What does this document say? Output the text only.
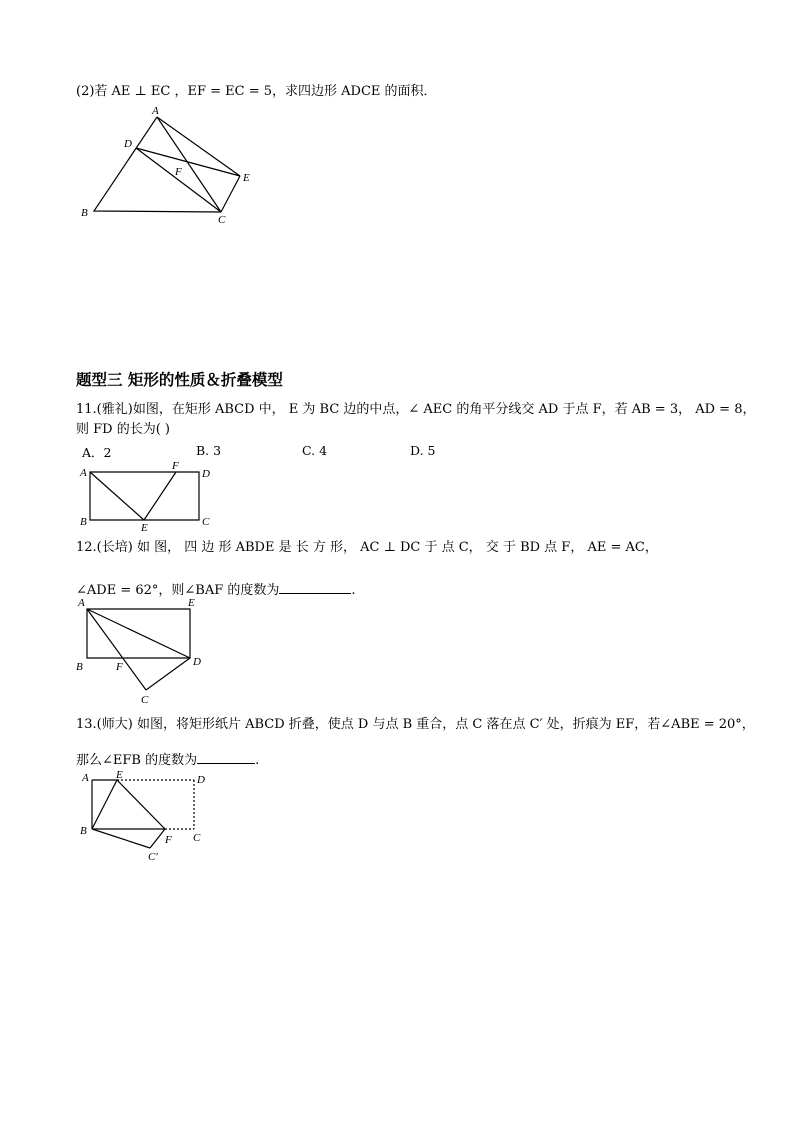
(2)若 AE ⊥ EC ，EF = EC = 5，求四边形 ADCE 的面积．
A
D
F	E
B
C
题型三 矩形的性质＆折叠模型
11.(雅礼)如图，在矩形 ABCD 中， E 为 BC 边的中点，∠ AEC 的角平分线交 AD 于点 F，若 AB = 3， AD = 8，
则 FD 的长为( )
A．2	B. 3	C. 4	D. 5
A
F
D
B	E	C
12.(长培) 如 图， 四 边 形 ABDE 是 长 方 形， AC ⊥ DC 于 点 C， 交 于 BD 点 F， AE = AC，
∠ADE = 62°，则∠BAF 的度数为	.
A	E
B	F	D
C
13.(师大) 如图，将矩形纸片 ABCD 折叠，使点 D 与点 B 重合，点 C 落在点 C′ 处，折痕为 EF，若∠ABE = 20°，
那么∠EFB 的度数为	.
A E	D
B
F C
C′
